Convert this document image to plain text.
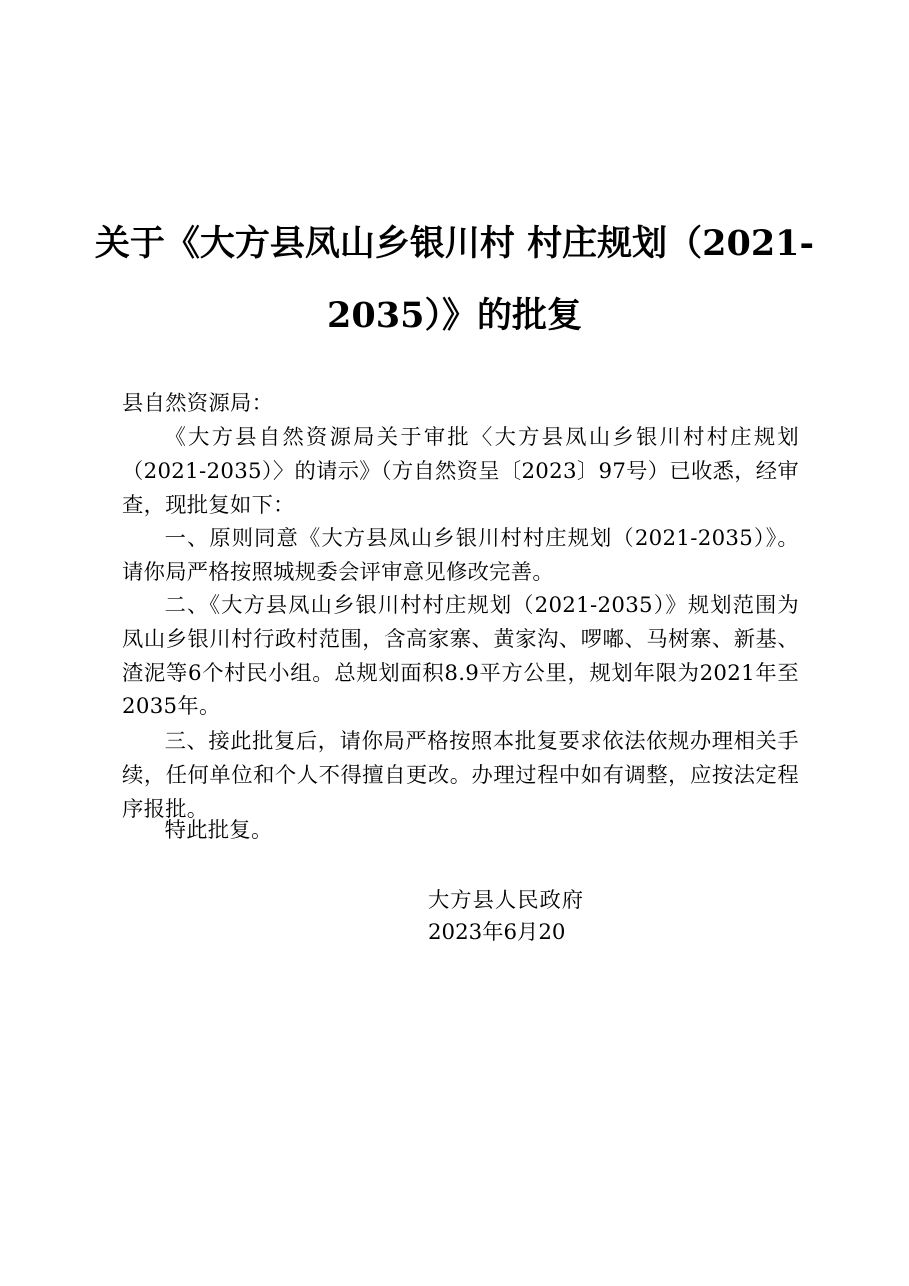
关于《大方县凤山乡银川村 村庄规划（2021-
2035）》的批复
县自然资源局：
《大方县自然资源局关于审批〈大方县凤山乡银川村村庄规划（2021-2035）〉的请示》（方自然资呈〔2023〕97号）已收悉，经审查，现批复如下：
一、原则同意《大方县凤山乡银川村村庄规划（2021-2035）》。请你局严格按照城规委会评审意见修改完善。
二、《大方县凤山乡银川村村庄规划（2021-2035）》规划范围为凤山乡银川村行政村范围，含高家寨、黄家沟、啰嘟、马树寨、新基、渣泥等6个村民小组。总规划面积8.9平方公里，规划年限为2021年至2035年。
三、接此批复后，请你局严格按照本批复要求依法依规办理相关手续，任何单位和个人不得擅自更改。办理过程中如有调整，应按法定程序报批。
特此批复。
大方县人民政府
2023年6月20
